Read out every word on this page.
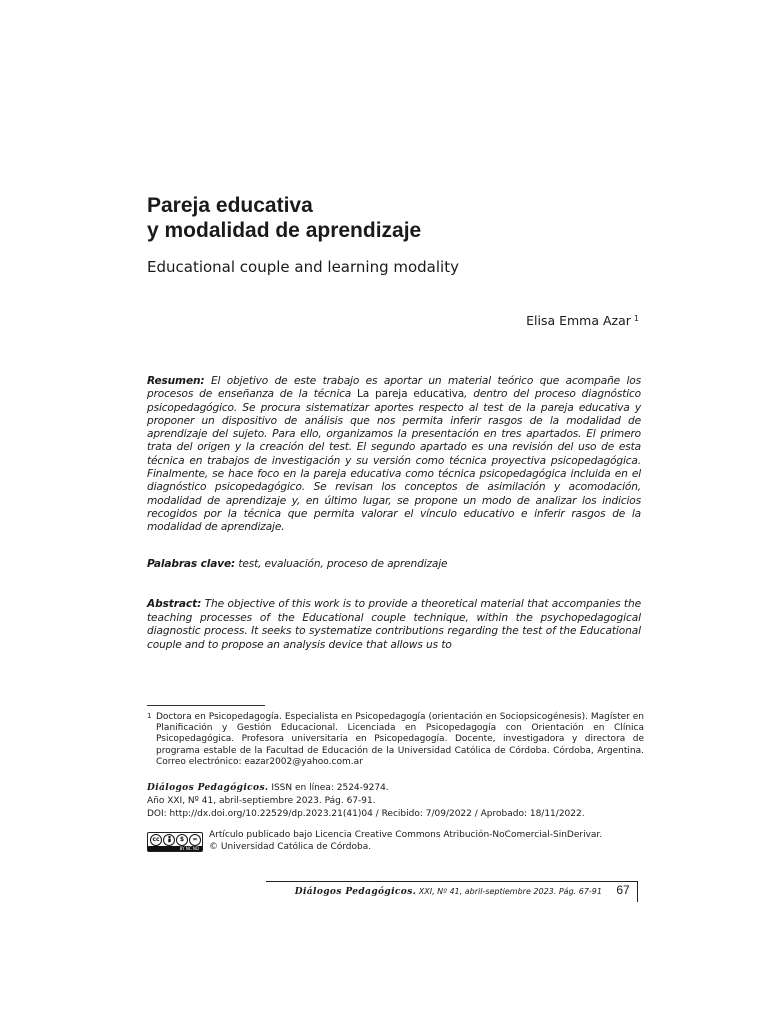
Pareja educativa
y modalidad de aprendizaje
Educational couple and learning modality
Elisa Emma Azar $^1$

Resumen: El objetivo de este trabajo es aportar un material teórico que acompañe los procesos de enseñanza de la técnica La pareja educativa, dentro del proceso diagnóstico psicopedagógico. Se procura sistematizar aportes respecto al test de la pareja educativa y proponer un dispositivo de análisis que nos permita inferir rasgos de la modalidad de aprendizaje del sujeto. Para ello, organizamos la presentación en tres apartados. El primero trata del origen y la creación del test. El segundo apartado es una revisión del uso de esta técnica en trabajos de investigación y su versión como técnica proyectiva psicopedagógica. Finalmente, se hace foco en la pareja educativa como técnica psicopedagógica incluida en el diagnóstico psicopedagógico. Se revisan los conceptos de asimilación y acomodación, modalidad de aprendizaje y, en último lugar, se propone un modo de analizar los indicios recogidos por la técnica que permita valorar el vínculo educativo e inferir rasgos de la modalidad de aprendizaje.

Palabras clave: test, evaluación, proceso de aprendizaje

Abstract: The objective of this work is to provide a theoretical material that accompanies the teaching processes of the Educational couple technique, within the psychopedagogical diagnostic process. It seeks to systematize contributions regarding the test of the Educational couple and to propose an analysis device that allows us to

1 Doctora en Psicopedagogía. Especialista en Psicopedagogía (orientación en Sociopsicogénesis). Magíster en Planificación y Gestión Educacional. Licenciada en Psicopedagogía con Orientación en Clínica Psicopedagógica. Profesora universitaria en Psicopedagogía. Docente, investigadora y directora de programa estable de la Facultad de Educación de la Universidad Católica de Córdoba. Córdoba, Argentina. Correo electrónico: eazar2002@yahoo.com.ar

Diálogos Pedagógicos. ISSN en línea: 2524-9274.
Año XXI, Nº 41, abril-septiembre 2023. Pág. 67-91.
DOI: http://dx.doi.org/10.22529/dp.2023.21(41)04 / Recibido: 7/09/2022 / Aprobado: 18/11/2022.

cc	$	=
BY NC ND
Artículo publicado bajo Licencia Creative Commons Atribución-NoComercial-SinDerivar.
© Universidad Católica de Córdoba.
Diálogos Pedagógicos. XXI, Nº 41, abril-septiembre 2023. Pág. 67-91	67
